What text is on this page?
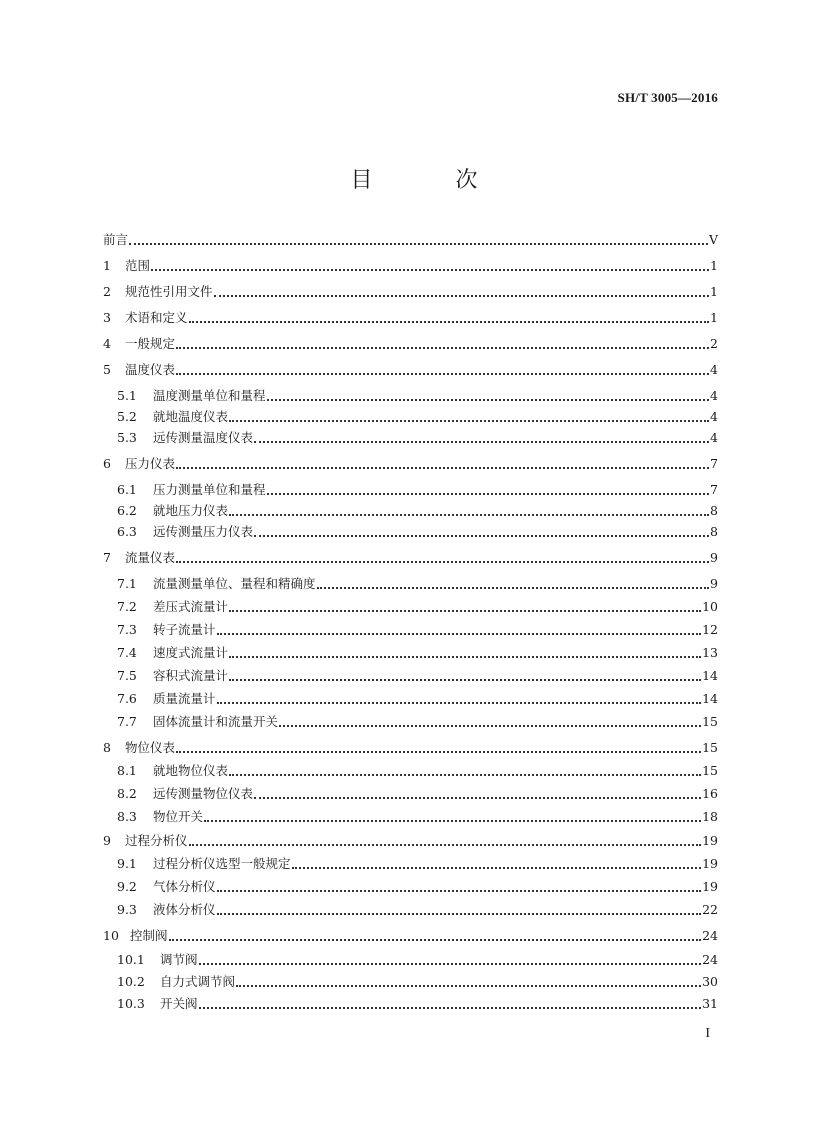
SH/T 3005—2016
目 次
前言	V
1	范围	1
2	规范性引用文件	1
3	术语和定义	1
4	一般规定	2
5	温度仪表	4
5.1	温度测量单位和量程	4
5.2	就地温度仪表	4
5.3	远传测量温度仪表	4
6	压力仪表	7
6.1	压力测量单位和量程	7
6.2	就地压力仪表	8
6.3	远传测量压力仪表	8
7	流量仪表	9
7.1	流量测量单位、量程和精确度	9
7.2	差压式流量计	10
7.3	转子流量计	12
7.4	速度式流量计	13
7.5	容积式流量计	14
7.6	质量流量计	14
7.7	固体流量计和流量开关	15
8	物位仪表	15
8.1	就地物位仪表	15
8.2	远传测量物位仪表	16
8.3	物位开关	18
9	过程分析仪	19
9.1	过程分析仪选型一般规定	19
9.2	气体分析仪	19
9.3	液体分析仪	22
10 控制阀	24
10.1	调节阀	24
10.2	自力式调节阀	30
10.3	开关阀	31
I
